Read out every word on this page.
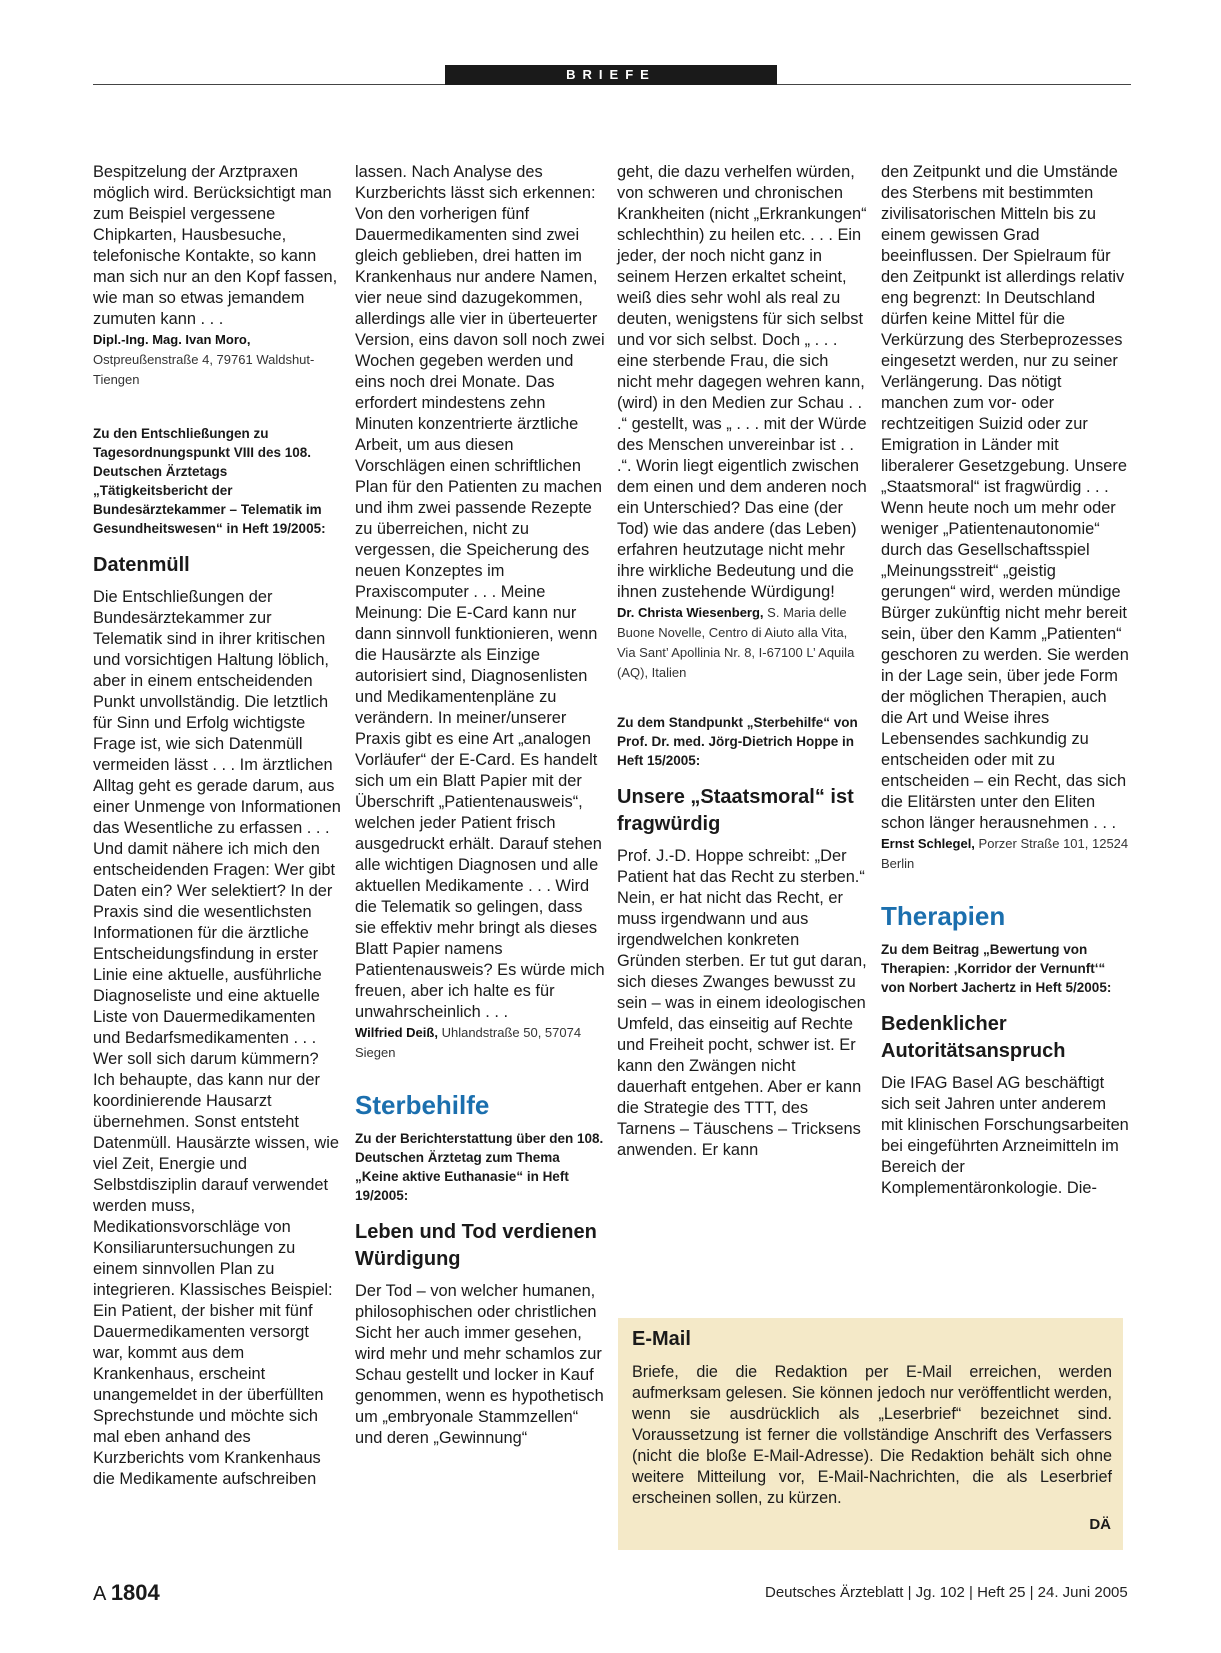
BRIEFE

Bespitzelung der Arztpraxen möglich wird. Berücksichtigt man zum Beispiel vergessene Chipkarten, Hausbesuche, telefonische Kontakte, so kann man sich nur an den Kopf fassen, wie man so etwas jemandem zumuten kann . . .

Dipl.-Ing. Mag. Ivan Moro, Ostpreußenstraße 4, 79761 Waldshut-Tiengen

Zu den Entschließungen zu Tagesordnungspunkt VIII des 108. Deutschen Ärztetags „Tätigkeitsbericht der Bundesärztekammer – Telematik im Gesundheitswesen“ in Heft 19/2005:

Datenmüll

Die Entschließungen der Bundesärztekammer zur Telematik sind in ihrer kritischen und vorsichtigen Haltung löblich, aber in einem entscheidenden Punkt unvollständig. Die letztlich für Sinn und Erfolg wichtigste Frage ist, wie sich Datenmüll vermeiden lässt . . . Im ärztlichen Alltag geht es gerade darum, aus einer Unmenge von Informationen das Wesentliche zu erfassen . . . Und damit nähere ich mich den entscheidenden Fragen: Wer gibt Daten ein? Wer selektiert? In der Praxis sind die wesentlichsten Informationen für die ärztliche Entscheidungsfindung in erster Linie eine aktuelle, ausführliche Diagnoseliste und eine aktuelle Liste von Dauermedikamenten und Bedarfsmedikamenten . . . Wer soll sich darum kümmern? Ich behaupte, das kann nur der koordinierende Hausarzt übernehmen. Sonst entsteht Datenmüll. Hausärzte wissen, wie viel Zeit, Energie und Selbstdisziplin darauf verwendet werden muss, Medikationsvorschläge von Konsiliaruntersuchungen zu einem sinnvollen Plan zu integrieren. Klassisches Beispiel: Ein Patient, der bisher mit fünf Dauermedikamenten versorgt war, kommt aus dem Krankenhaus, erscheint unangemeldet in der überfüllten Sprechstunde und möchte sich mal eben anhand des Kurzberichts vom Krankenhaus die Medikamente aufschreiben

lassen. Nach Analyse des Kurzberichts lässt sich erkennen: Von den vorherigen fünf Dauermedikamenten sind zwei gleich geblieben, drei hatten im Krankenhaus nur andere Namen, vier neue sind dazugekommen, allerdings alle vier in überteuerter Version, eins davon soll noch zwei Wochen gegeben werden und eins noch drei Monate. Das erfordert mindestens zehn Minuten konzentrierte ärztliche Arbeit, um aus diesen Vorschlägen einen schriftlichen Plan für den Patienten zu machen und ihm zwei passende Rezepte zu überreichen, nicht zu vergessen, die Speicherung des neuen Konzeptes im Praxiscomputer . . . Meine Meinung: Die E-Card kann nur dann sinnvoll funktionieren, wenn die Hausärzte als Einzige autorisiert sind, Diagnosenlisten und Medikamentenpläne zu verändern. In meiner/unserer Praxis gibt es eine Art „analogen Vorläufer“ der E-Card. Es handelt sich um ein Blatt Papier mit der Überschrift „Patientenausweis“, welchen jeder Patient frisch ausgedruckt erhält. Darauf stehen alle wichtigen Diagnosen und alle aktuellen Medikamente . . . Wird die Telematik so gelingen, dass sie effektiv mehr bringt als dieses Blatt Papier namens Patientenausweis? Es würde mich freuen, aber ich halte es für unwahrscheinlich . . .

Wilfried Deiß, Uhlandstraße 50, 57074 Siegen

Sterbehilfe

Zu der Berichterstattung über den 108. Deutschen Ärztetag zum Thema „Keine aktive Euthanasie“ in Heft 19/2005:

Leben und Tod verdienen Würdigung

Der Tod – von welcher humanen, philosophischen oder christlichen Sicht her auch immer gesehen, wird mehr und mehr schamlos zur Schau gestellt und locker in Kauf genommen, wenn es hypothetisch um „embryonale Stammzellen“ und deren „Gewinnung“

geht, die dazu verhelfen würden, von schweren und chronischen Krankheiten (nicht „Erkrankungen“ schlechthin) zu heilen etc. . . . Ein jeder, der noch nicht ganz in seinem Herzen erkaltet scheint, weiß dies sehr wohl als real zu deuten, wenigstens für sich selbst und vor sich selbst. Doch „ . . . eine sterbende Frau, die sich nicht mehr dagegen wehren kann, (wird) in den Medien zur Schau . . .“ gestellt, was „ . . . mit der Würde des Menschen unvereinbar ist . . .“. Worin liegt eigentlich zwischen dem einen und dem anderen noch ein Unterschied? Das eine (der Tod) wie das andere (das Leben) erfahren heutzutage nicht mehr ihre wirkliche Bedeutung und die ihnen zustehende Würdigung!

Dr. Christa Wiesenberg, S. Maria delle Buone Novelle, Centro di Aiuto alla Vita, Via Sant’ Apollinia Nr. 8, I-67100 L’ Aquila (AQ), Italien

Zu dem Standpunkt „Sterbehilfe“ von Prof. Dr. med. Jörg-Dietrich Hoppe in Heft 15/2005:

Unsere „Staatsmoral“ ist fragwürdig

Prof. J.-D. Hoppe schreibt: „Der Patient hat das Recht zu sterben.“ Nein, er hat nicht das Recht, er muss irgendwann und aus irgendwelchen konkreten Gründen sterben. Er tut gut daran, sich dieses Zwanges bewusst zu sein – was in einem ideologischen Umfeld, das einseitig auf Rechte und Freiheit pocht, schwer ist. Er kann den Zwängen nicht dauerhaft entgehen. Aber er kann die Strategie des TTT, des Tarnens – Täuschens – Tricksens anwenden. Er kann

den Zeitpunkt und die Umstände des Sterbens mit bestimmten zivilisatorischen Mitteln bis zu einem gewissen Grad beeinflussen. Der Spielraum für den Zeitpunkt ist allerdings relativ eng begrenzt: In Deutschland dürfen keine Mittel für die Verkürzung des Sterbeprozesses eingesetzt werden, nur zu seiner Verlängerung. Das nötigt manchen zum vor- oder rechtzeitigen Suizid oder zur Emigration in Länder mit liberalerer Gesetzgebung. Unsere „Staatsmoral“ ist fragwürdig . . . Wenn heute noch um mehr oder weniger „Patientenautonomie“ durch das Gesellschaftsspiel „Meinungsstreit“ „geistig gerungen“ wird, werden mündige Bürger zukünftig nicht mehr bereit sein, über den Kamm „Patienten“ geschoren zu werden. Sie werden in der Lage sein, über jede Form der möglichen Therapien, auch die Art und Weise ihres Lebensendes sachkundig zu entscheiden oder mit zu entscheiden – ein Recht, das sich die Elitärsten unter den Eliten schon länger herausnehmen . . .

Ernst Schlegel, Porzer Straße 101, 12524 Berlin

Therapien

Zu dem Beitrag „Bewertung von Therapien: ‚Korridor der Vernunft‘“ von Norbert Jachertz in Heft 5/2005:

Bedenklicher Autoritätsanspruch

Die IFAG Basel AG beschäftigt sich seit Jahren unter anderem mit klinischen Forschungsarbeiten bei eingeführten Arzneimitteln im Bereich der Komplementäronkologie. Die-

E-Mail
Briefe, die die Redaktion per E-Mail erreichen, werden aufmerksam gelesen. Sie können jedoch nur veröffentlicht werden, wenn sie ausdrücklich als „Leserbrief“ bezeichnet sind. Voraussetzung ist ferner die vollständige Anschrift des Verfassers (nicht die bloße E-Mail-Adresse). Die Redaktion behält sich ohne weitere Mitteilung vor, E-Mail-Nachrichten, die als Leserbrief erscheinen sollen, zu kürzen.
DÄ
A 1804	Deutsches Ärzteblatt | Jg. 102 | Heft 25 | 24. Juni 2005
